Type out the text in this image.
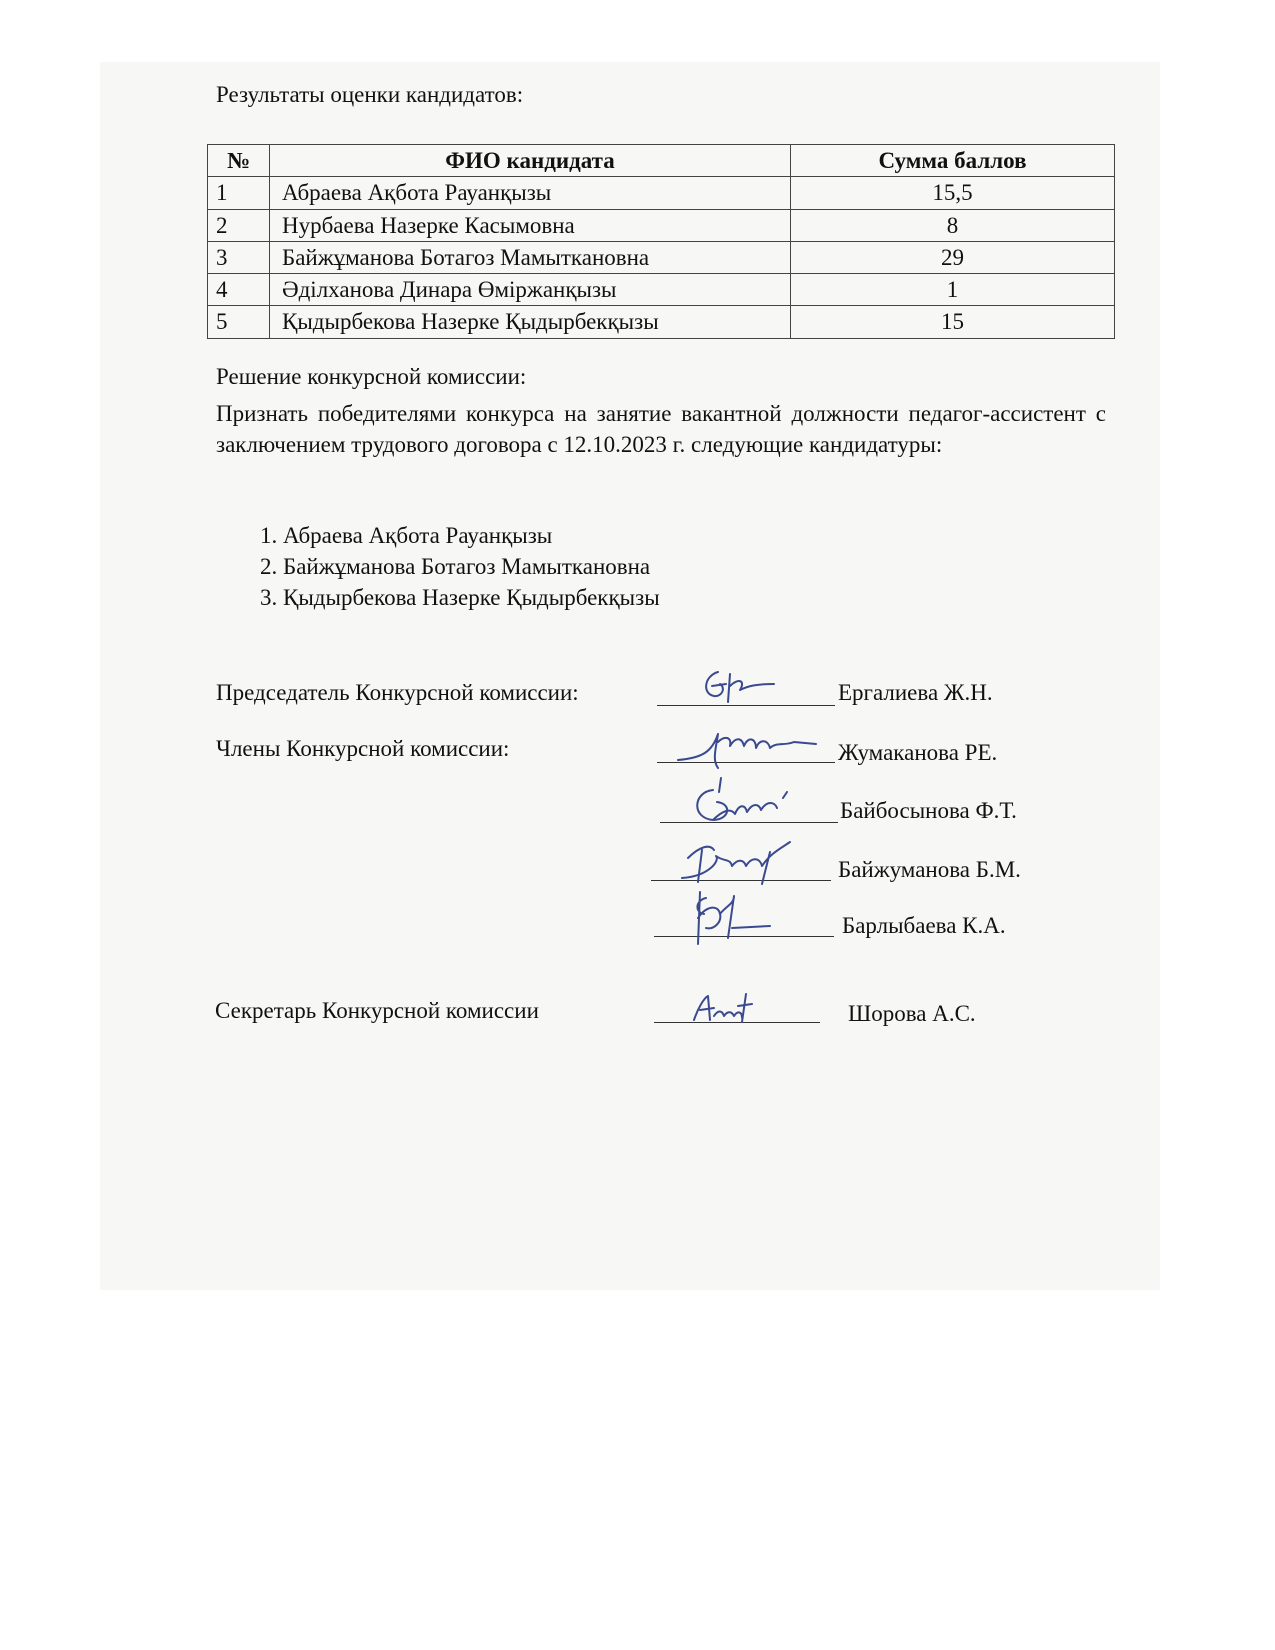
Результаты оценки кандидатов:
№	ФИО кандидата	Сумма баллов
1	Абраева Ақбота Рауанқызы	15,5
2	Нурбаева Назерке Касымовна	8
3	Байжұманова Ботагоз Мамыткановна	29
4	Әділханова Динара Өміржанқызы	1
5	Қыдырбекова Назерке Қыдырбекқызы	15
Решение конкурсной комиссии:
Признать победителями конкурса на занятие вакантной должности педагог-ассистент с заключением трудового договора с 12.10.2023 г. следующие кандидатуры:
1. Абраева Ақбота Рауанқызы
2. Байжұманова Ботагоз Мамыткановна
3. Қыдырбекова Назерке Қыдырбекқызы
Председатель Конкурсной комиссии:	Ергалиева Ж.Н.
Члены Конкурсной комиссии:	Жумаканова РЕ.
Байбосынова Ф.Т.
Байжуманова Б.М.
Барлыбаева К.А.
Секретарь Конкурсной комиссии	Шорова А.С.
